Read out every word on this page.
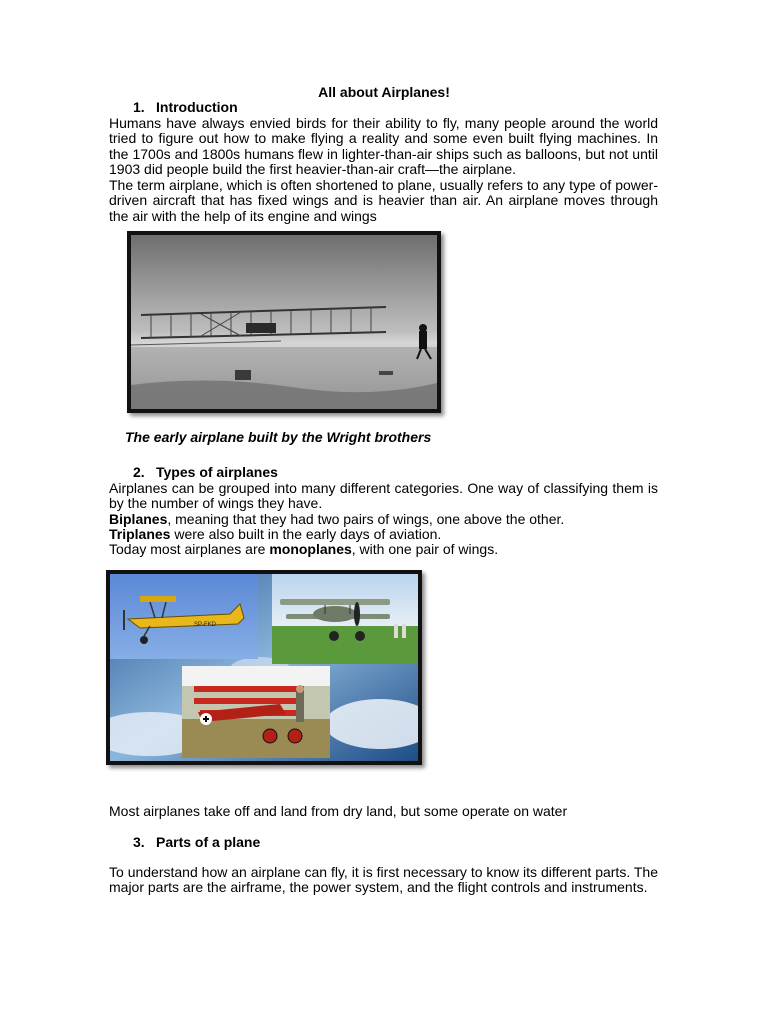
All about Airplanes!
1. Introduction

Humans have always envied birds for their ability to fly, many people around the world tried to figure out how to make flying a reality and some even built flying machines. In the 1700s and 1800s humans flew in lighter-than-air ships such as balloons, but not until 1903 did people build the first heavier-than-air craft—the airplane.

The term airplane, which is often shortened to plane, usually refers to any type of power-driven aircraft that has fixed wings and is heavier than air. An airplane moves through the air with the help of its engine and wings

The early airplane built by the Wright brothers
2. Types of airplanes

Airplanes can be grouped into many different categories. One way of classifying them is by the number of wings they have.

Biplanes, meaning that they had two pairs of wings, one above the other.

Triplanes were also built in the early days of aviation.

Today most airplanes are monoplanes, with one pair of wings.

SP-FKD

Most airplanes take off and land from dry land, but some operate on water

3. Parts of a plane

To understand how an airplane can fly, it is first necessary to know its different parts. The major parts are the airframe, the power system, and the flight controls and instruments.
